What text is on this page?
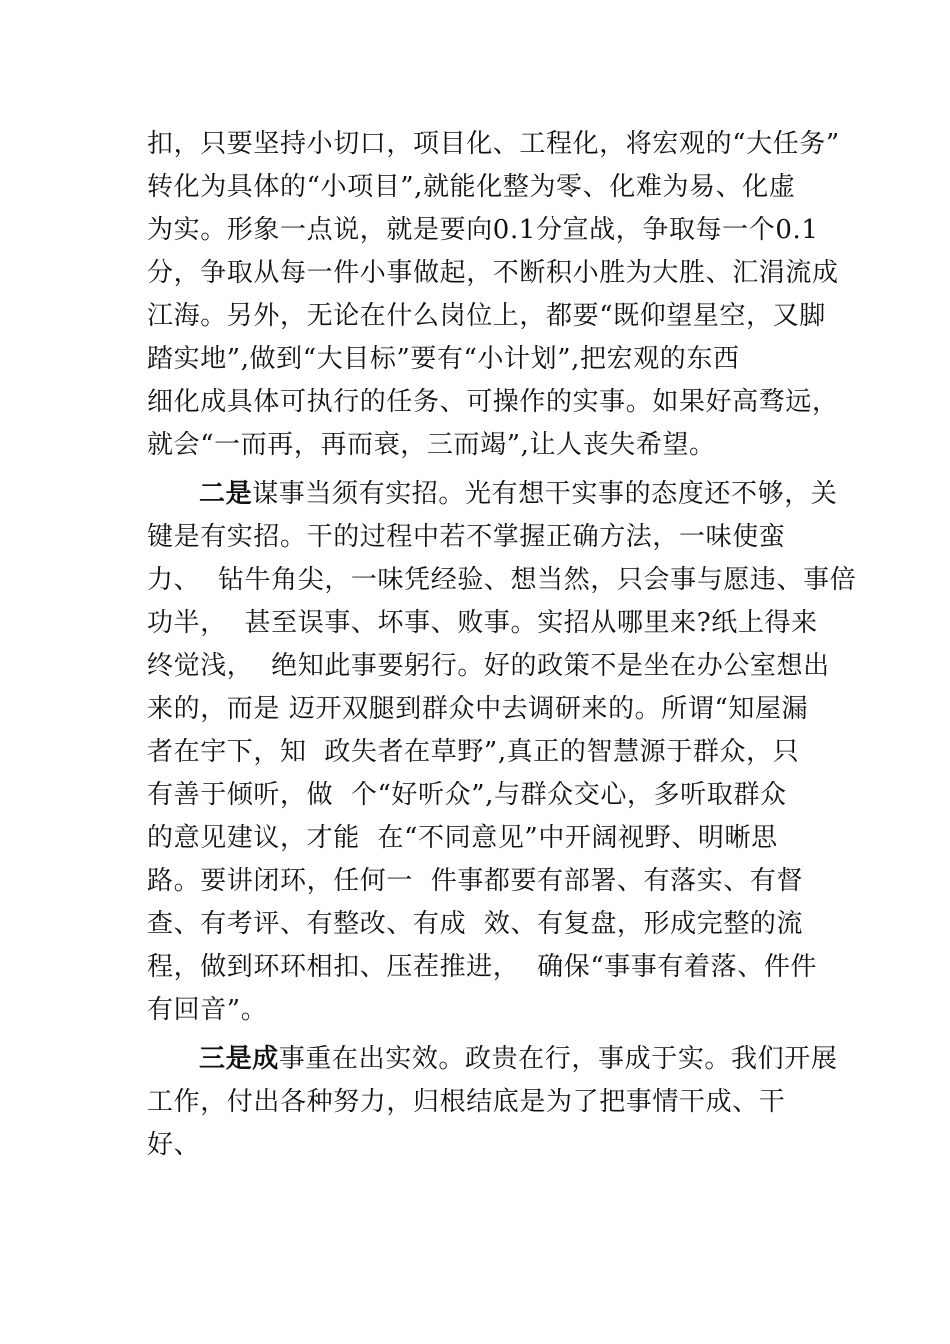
扣，只要坚持小切口，项目化、工程化，将宏观的“大任务”
转化为具体的“小项目”,就能化整为零、化难为易、化虚
为实。形象一点说，就是要向0.1分宣战，争取每一个0.1
分，争取从每一件小事做起，不断积小胜为大胜、汇涓流成
江海。另外，无论在什么岗位上，都要“既仰望星空，又脚
踏实地”,做到“大目标”要有“小计划”,把宏观的东西
细化成具体可执行的任务、可操作的实事。如果好高骛远，
就会“一而再，再而衰，三而竭”,让人丧失希望。
二是谋事当须有实招。光有想干实事的态度还不够，关
键是有实招。干的过程中若不掌握正确方法，一味使蛮
力、  钻牛角尖，一味凭经验、想当然，只会事与愿违、事倍
功半，  甚至误事、坏事、败事。实招从哪里来?纸上得来
终觉浅，  绝知此事要躬行。好的政策不是坐在办公室想出
来的，而是 迈开双腿到群众中去调研来的。所谓“知屋漏
者在宇下，知  政失者在草野”,真正的智慧源于群众，只
有善于倾听，做  个“好听众”,与群众交心，多听取群众
的意见建议，才能  在“不同意见”中开阔视野、明晰思
路。要讲闭环，任何一  件事都要有部署、有落实、有督
查、有考评、有整改、有成  效、有复盘，形成完整的流
程，做到环环相扣、压茬推进，  确保“事事有着落、件件
有回音”。
三是成事重在出实效。政贵在行，事成于实。我们开展
工作，付出各种努力，归根结底是为了把事情干成、干
好、
